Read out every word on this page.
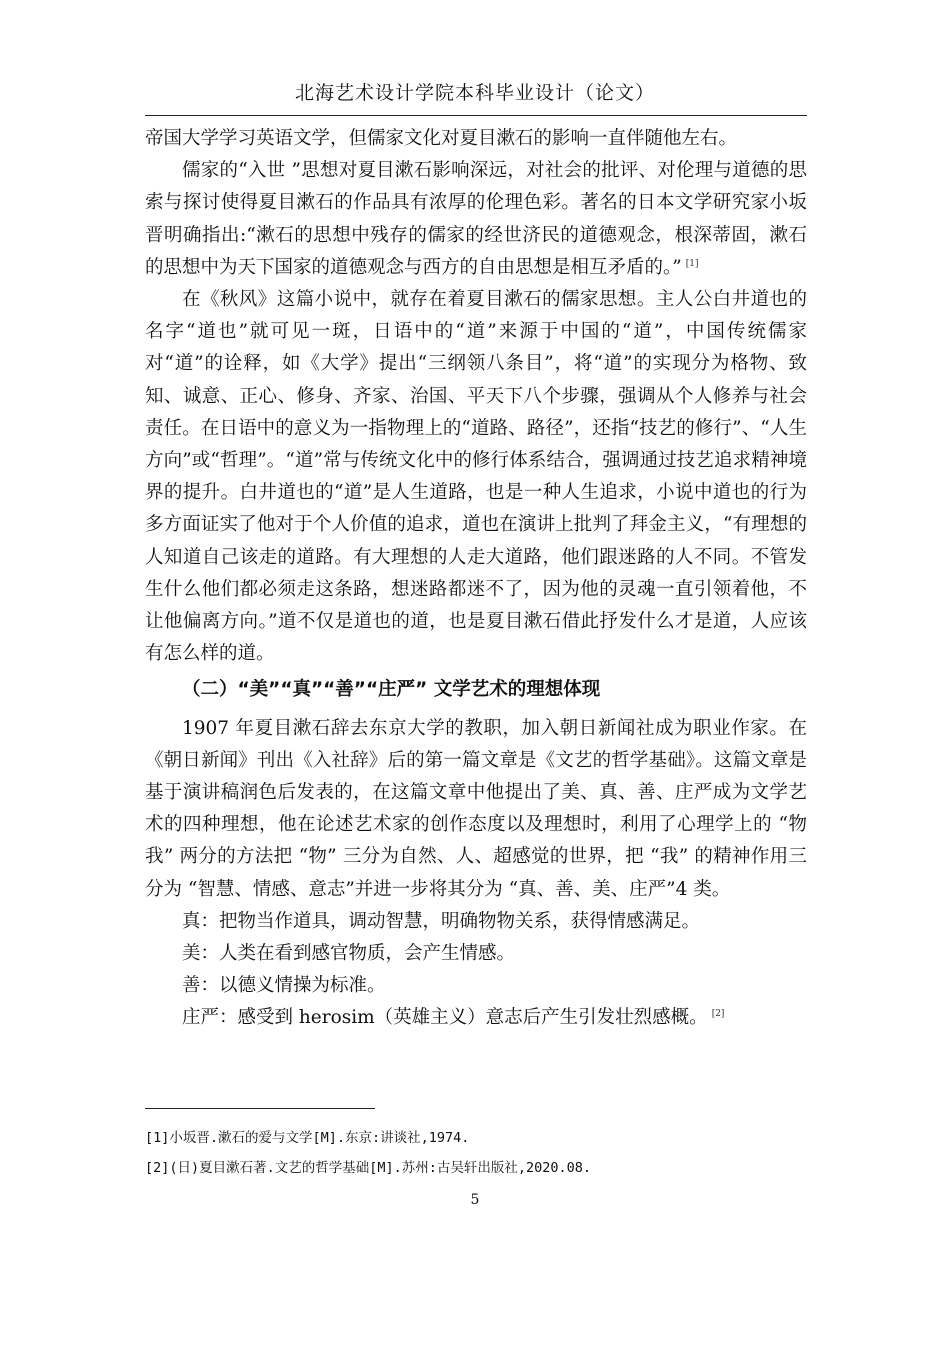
北海艺术设计学院本科毕业设计（论文）

帝国大学学习英语文学，但儒家文化对夏目漱石的影响一直伴随他左右。

儒家的“入世 ”思想对夏目漱石影响深远，对社会的批评、对伦理与道德的思索与探讨使得夏目漱石的作品具有浓厚的伦理色彩。著名的日本文学研究家小坂晋明确指出:“漱石的思想中残存的儒家的经世济民的道德观念，根深蒂固，漱石的思想中为天下国家的道德观念与西方的自由思想是相互矛盾的。” [1]

在《秋风》这篇小说中，就存在着夏目漱石的儒家思想。主人公白井道也的名字“道也”就可见一斑，日语中的“道”来源于中国的“道”，中国传统儒家对“道”的诠释，如《大学》提出“三纲领八条目”，将“道”的实现分为格物、致知、诚意、正心、修身、齐家、治国、平天下八个步骤，强调从个人修养与社会责任。在日语中的意义为一指物理上的“道路、路径”，还指“技艺的修行”、“人生方向”或“哲理”。“道”常与传统文化中的修行体系结合，强调通过技艺追求精神境界的提升。白井道也的“道”是人生道路，也是一种人生追求，小说中道也的行为多方面证实了他对于个人价值的追求，道也在演讲上批判了拜金主义，“有理想的人知道自己该走的道路。有大理想的人走大道路，他们跟迷路的人不同。不管发生什么他们都必须走这条路，想迷路都迷不了，因为他的灵魂一直引领着他，不让他偏离方向。”道不仅是道也的道，也是夏目漱石借此抒发什么才是道，人应该有怎么样的道。

（二）“美”“真”“善”“庄严” 文学艺术的理想体现

1907 年夏目漱石辞去东京大学的教职，加入朝日新闻社成为职业作家。在《朝日新闻》刊出《入社辞》后的第一篇文章是《文艺的哲学基础》。这篇文章是基于演讲稿润色后发表的，在这篇文章中他提出了美、真、善、庄严成为文学艺术的四种理想，他在论述艺术家的创作态度以及理想时，利用了心理学上的 “物我” 两分的方法把 “物” 三分为自然、人、超感觉的世界，把 “我” 的精神作用三分为 “智慧、情感、意志”并进一步将其分为 “真、善、美、庄严”4 类。

真：把物当作道具，调动智慧，明确物物关系，获得情感满足。

美：人类在看到感官物质，会产生情感。

善：以德义情操为标准。

庄严：感受到 herosim（英雄主义）意志后产生引发壮烈感概。 [2]

[1]小坂晋.漱石的爱与文学[M].东京:讲谈社,1974.

[2](日)夏目漱石著.文艺的哲学基础[M].苏州:古吴轩出版社,2020.08.

5
